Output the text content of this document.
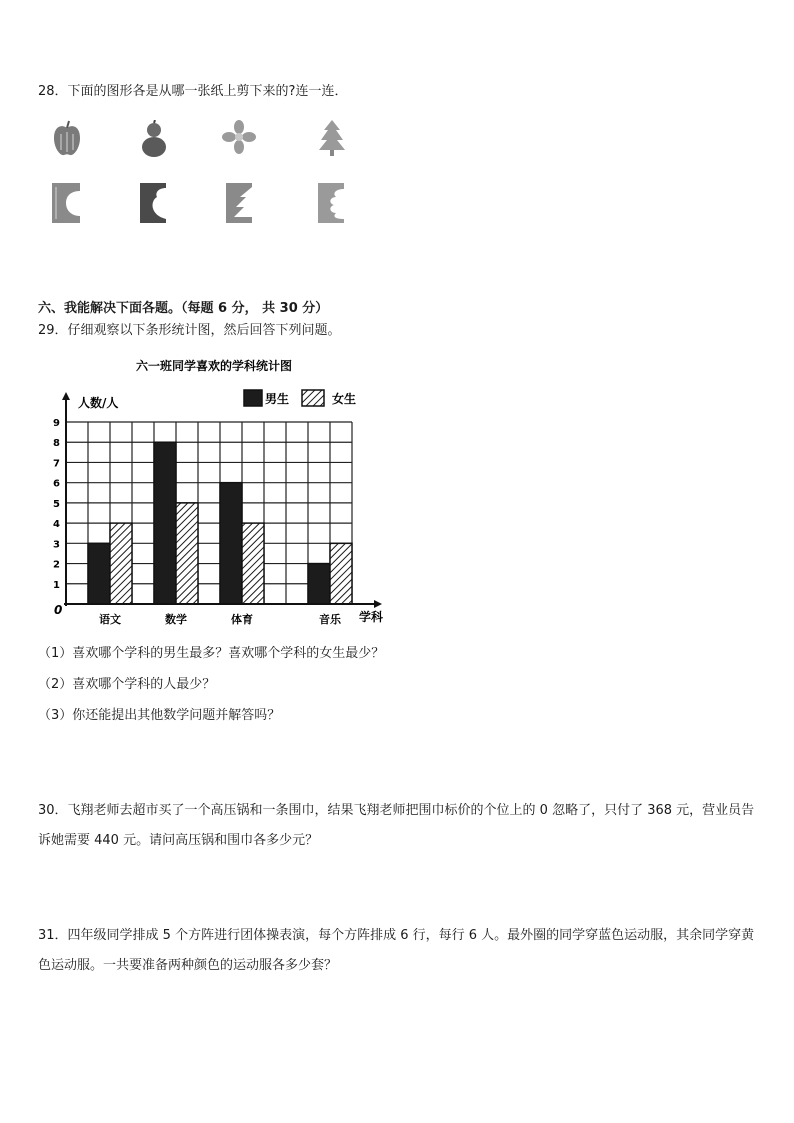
28．下面的图形各是从哪一张纸上剪下来的?连一连．
六、我能解决下面各题。（每题 6 分， 共 30 分）
29．仔细观察以下条形统计图，然后回答下列问题。
六一班同学喜欢的学科统计图
人数/人
学科
0
语文	数学	体育	音乐
1
2
3
4
5
6
7
8
9
男生	女生
（1）喜欢哪个学科的男生最多？喜欢哪个学科的女生最少？
（2）喜欢哪个学科的人最少？
（3）你还能提出其他数学问题并解答吗？
30．飞翔老师去超市买了一个高压锅和一条围巾，结果飞翔老师把围巾标价的个位上的 0 忽略了，只付了 368 元，营业员告诉她需要 440 元。请问高压锅和围巾各多少元？
31．四年级同学排成 5 个方阵进行团体操表演，每个方阵排成 6 行，每行 6 人。最外圈的同学穿蓝色运动服，其余同学穿黄色运动服。一共要准备两种颜色的运动服各多少套？
